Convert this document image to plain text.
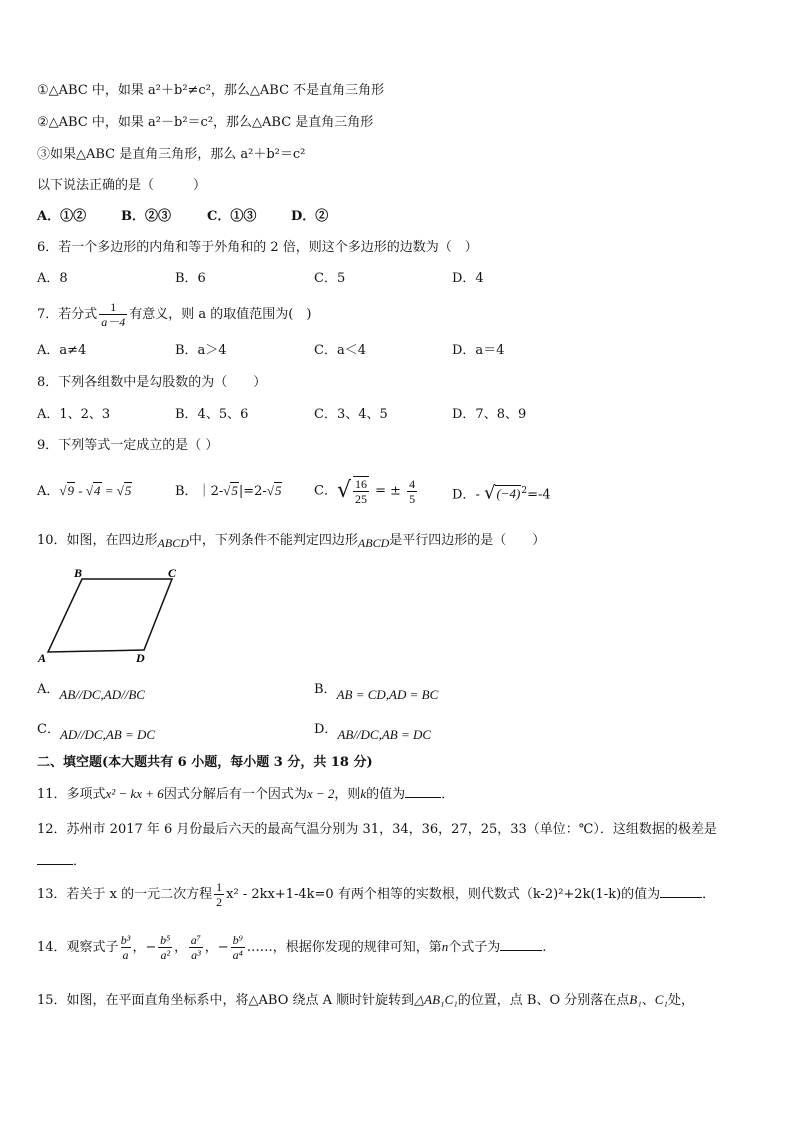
①△ABC 中，如果 a²＋b²≠c²，那么△ABC 不是直角三角形
②△ABC 中，如果 a²－b²＝c²，那么△ABC 是直角三角形
③如果△ABC 是直角三角形，那么 a²＋b²＝c²
以下说法正确的是（　　　）
A．①②	B．②③	C．①③	D．②
6．若一个多边形的内角和等于外角和的 2 倍，则这个多边形的边数为（　）
A．8	B．6	C．5	D．4
7．若分式 $\frac{1}{a-4}$ 有意义，则 a 的取值范围为(　)
A．a≠4	B．a＞4	C．a＜4	D．a＝4
8．下列各组数中是勾股数的为（　　）
A．1、2、3	B．4、5、6	C．3、4、5	D．7、8、9
9．下列等式一定成立的是（ ）
A．√9 - √4 = √5	B．｜2-√5|=2-√5	C．√ $\frac{16}{25}$ = ± $\frac{4}{5}$	D．- $√(-4)^2=-4$
10．如图，在四边形ABCD中，下列条件不能判定四边形ABCD是平行四边形的是（　　）
B	C
A	D
A．AB//DC,AD//BC	B．AB = CD,AD = BC
C．AD//DC,AB = DC	D．AB//DC,AB = DC
二、填空题(本大题共有 6 小题，每小题 3 分，共 18 分)
11．多项式x² − kx + 6因式分解后有一个因式为x − 2，则k的值为	．
12．苏州市 2017 年 6 月份最后六天的最高气温分别为 31，34，36，27，25，33（单位：℃）．这组数据的极差是
．
13．若关于 x 的一元二次方程 $\frac{1}{2} x^2 - 2kx+1-4k=0$ 有两个相等的实数根，则代数式（k-2)²+2k(1-k)的值为	．
14．观察式子 $\frac{\text{b³}}{a}$ ，− $\frac{\text{b⁵}}{\text{a²}}$ ， $\frac{\text{a⁷}}{\text{a³}}$ ，− $\frac{\text{b⁹}}{\text{a⁴}}$ ……，根据你发现的规律可知，第n个式子为	.
15．如图，在平面直角坐标系中，将△ABO 绕点 A 顺时针旋转到△AB₁C₁的位置，点 B、O 分别落在点B₁、C₁处，
